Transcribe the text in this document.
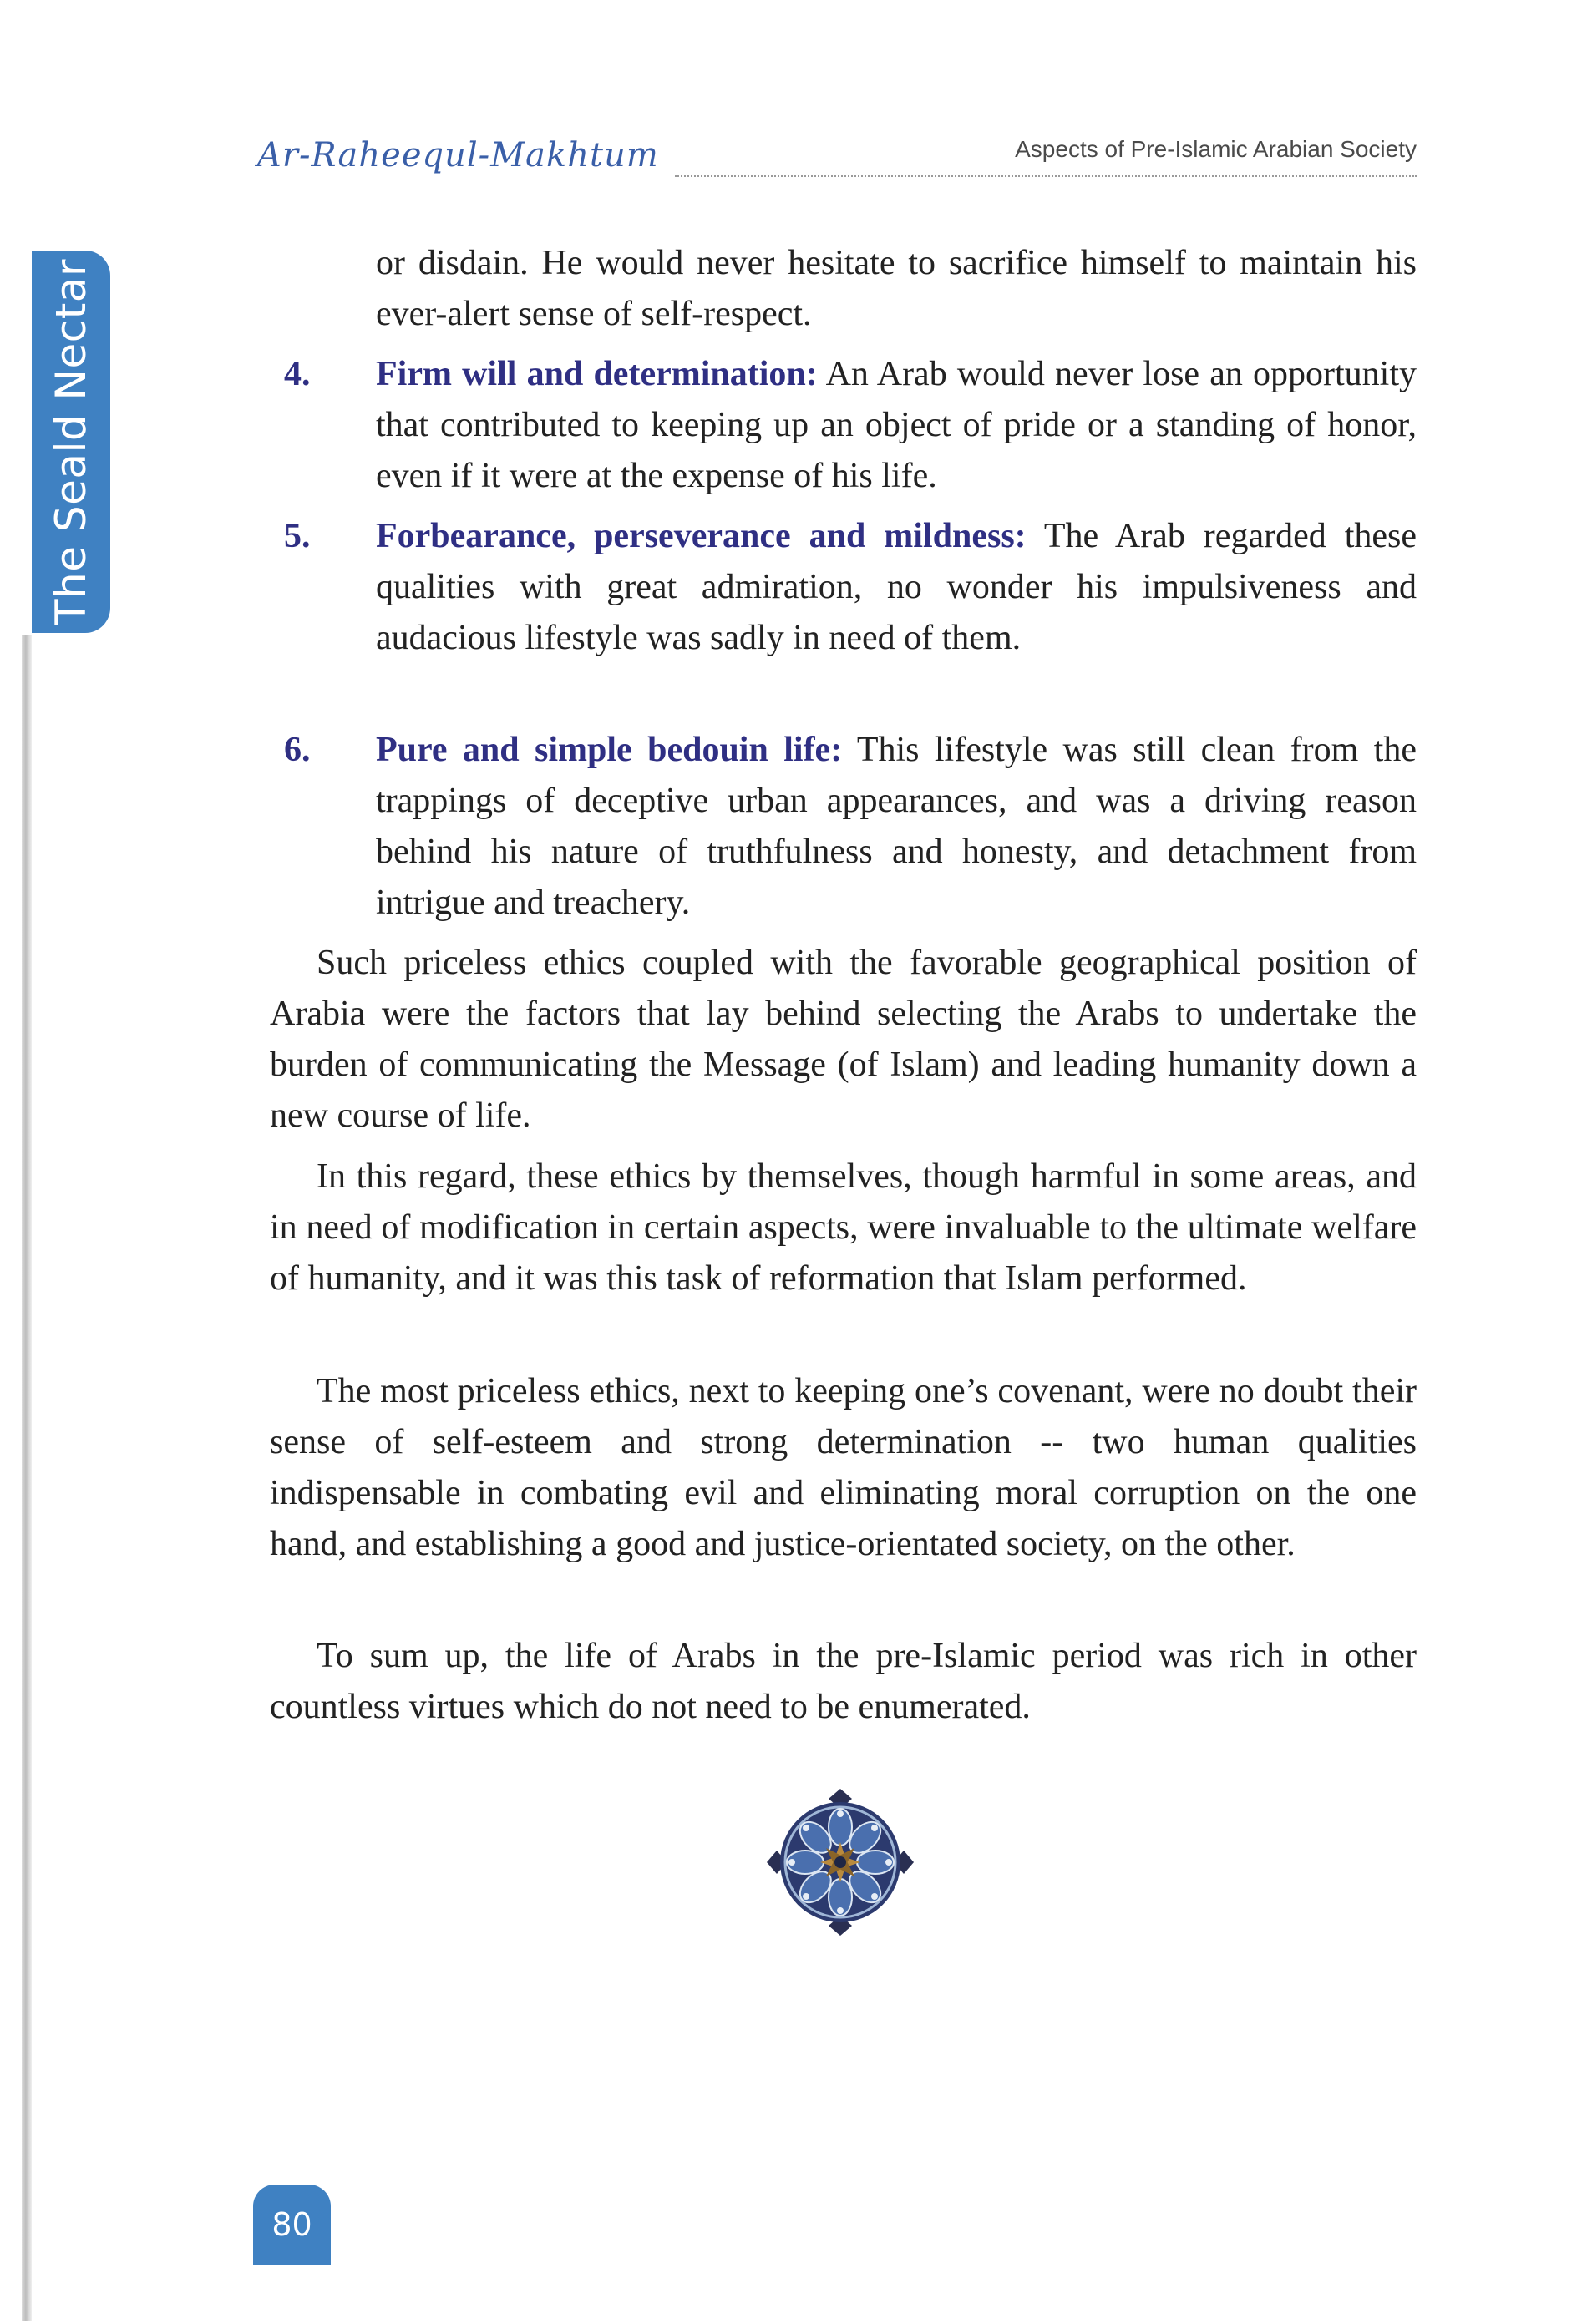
The Seald Nectar
Ar-Raheequl-Makhtum	Aspects of Pre-Islamic Arabian Society

or disdain. He would never hesitate to sacrifice himself to maintain his ever-alert sense of self-respect.

4. Firm will and determination: An Arab would never lose an opportunity that contributed to keeping up an object of pride or a standing of honor, even if it were at the expense of his life.

5. Forbearance, perseverance and mildness: The Arab regarded these qualities with great admiration, no wonder his impulsiveness and audacious lifestyle was sadly in need of them.

6. Pure and simple bedouin life: This lifestyle was still clean from the trappings of deceptive urban appearances, and was a driving reason behind his nature of truthfulness and honesty, and detachment from intrigue and treachery.

Such priceless ethics coupled with the favorable geographical position of Arabia were the factors that lay behind selecting the Arabs to undertake the burden of communicating the Message (of Islam) and leading humanity down a new course of life.

In this regard, these ethics by themselves, though harmful in some areas, and in need of modification in certain aspects, were invaluable to the ultimate welfare of humanity, and it was this task of reformation that Islam performed.

The most priceless ethics, next to keeping one’s covenant, were no doubt their sense of self-esteem and strong determination -- two human qualities indispensable in combating evil and eliminating moral corruption on the one hand, and establishing a good and justice-orientated society, on the other.

To sum up, the life of Arabs in the pre-Islamic period was rich in other countless virtues which do not need to be enumerated.

80
